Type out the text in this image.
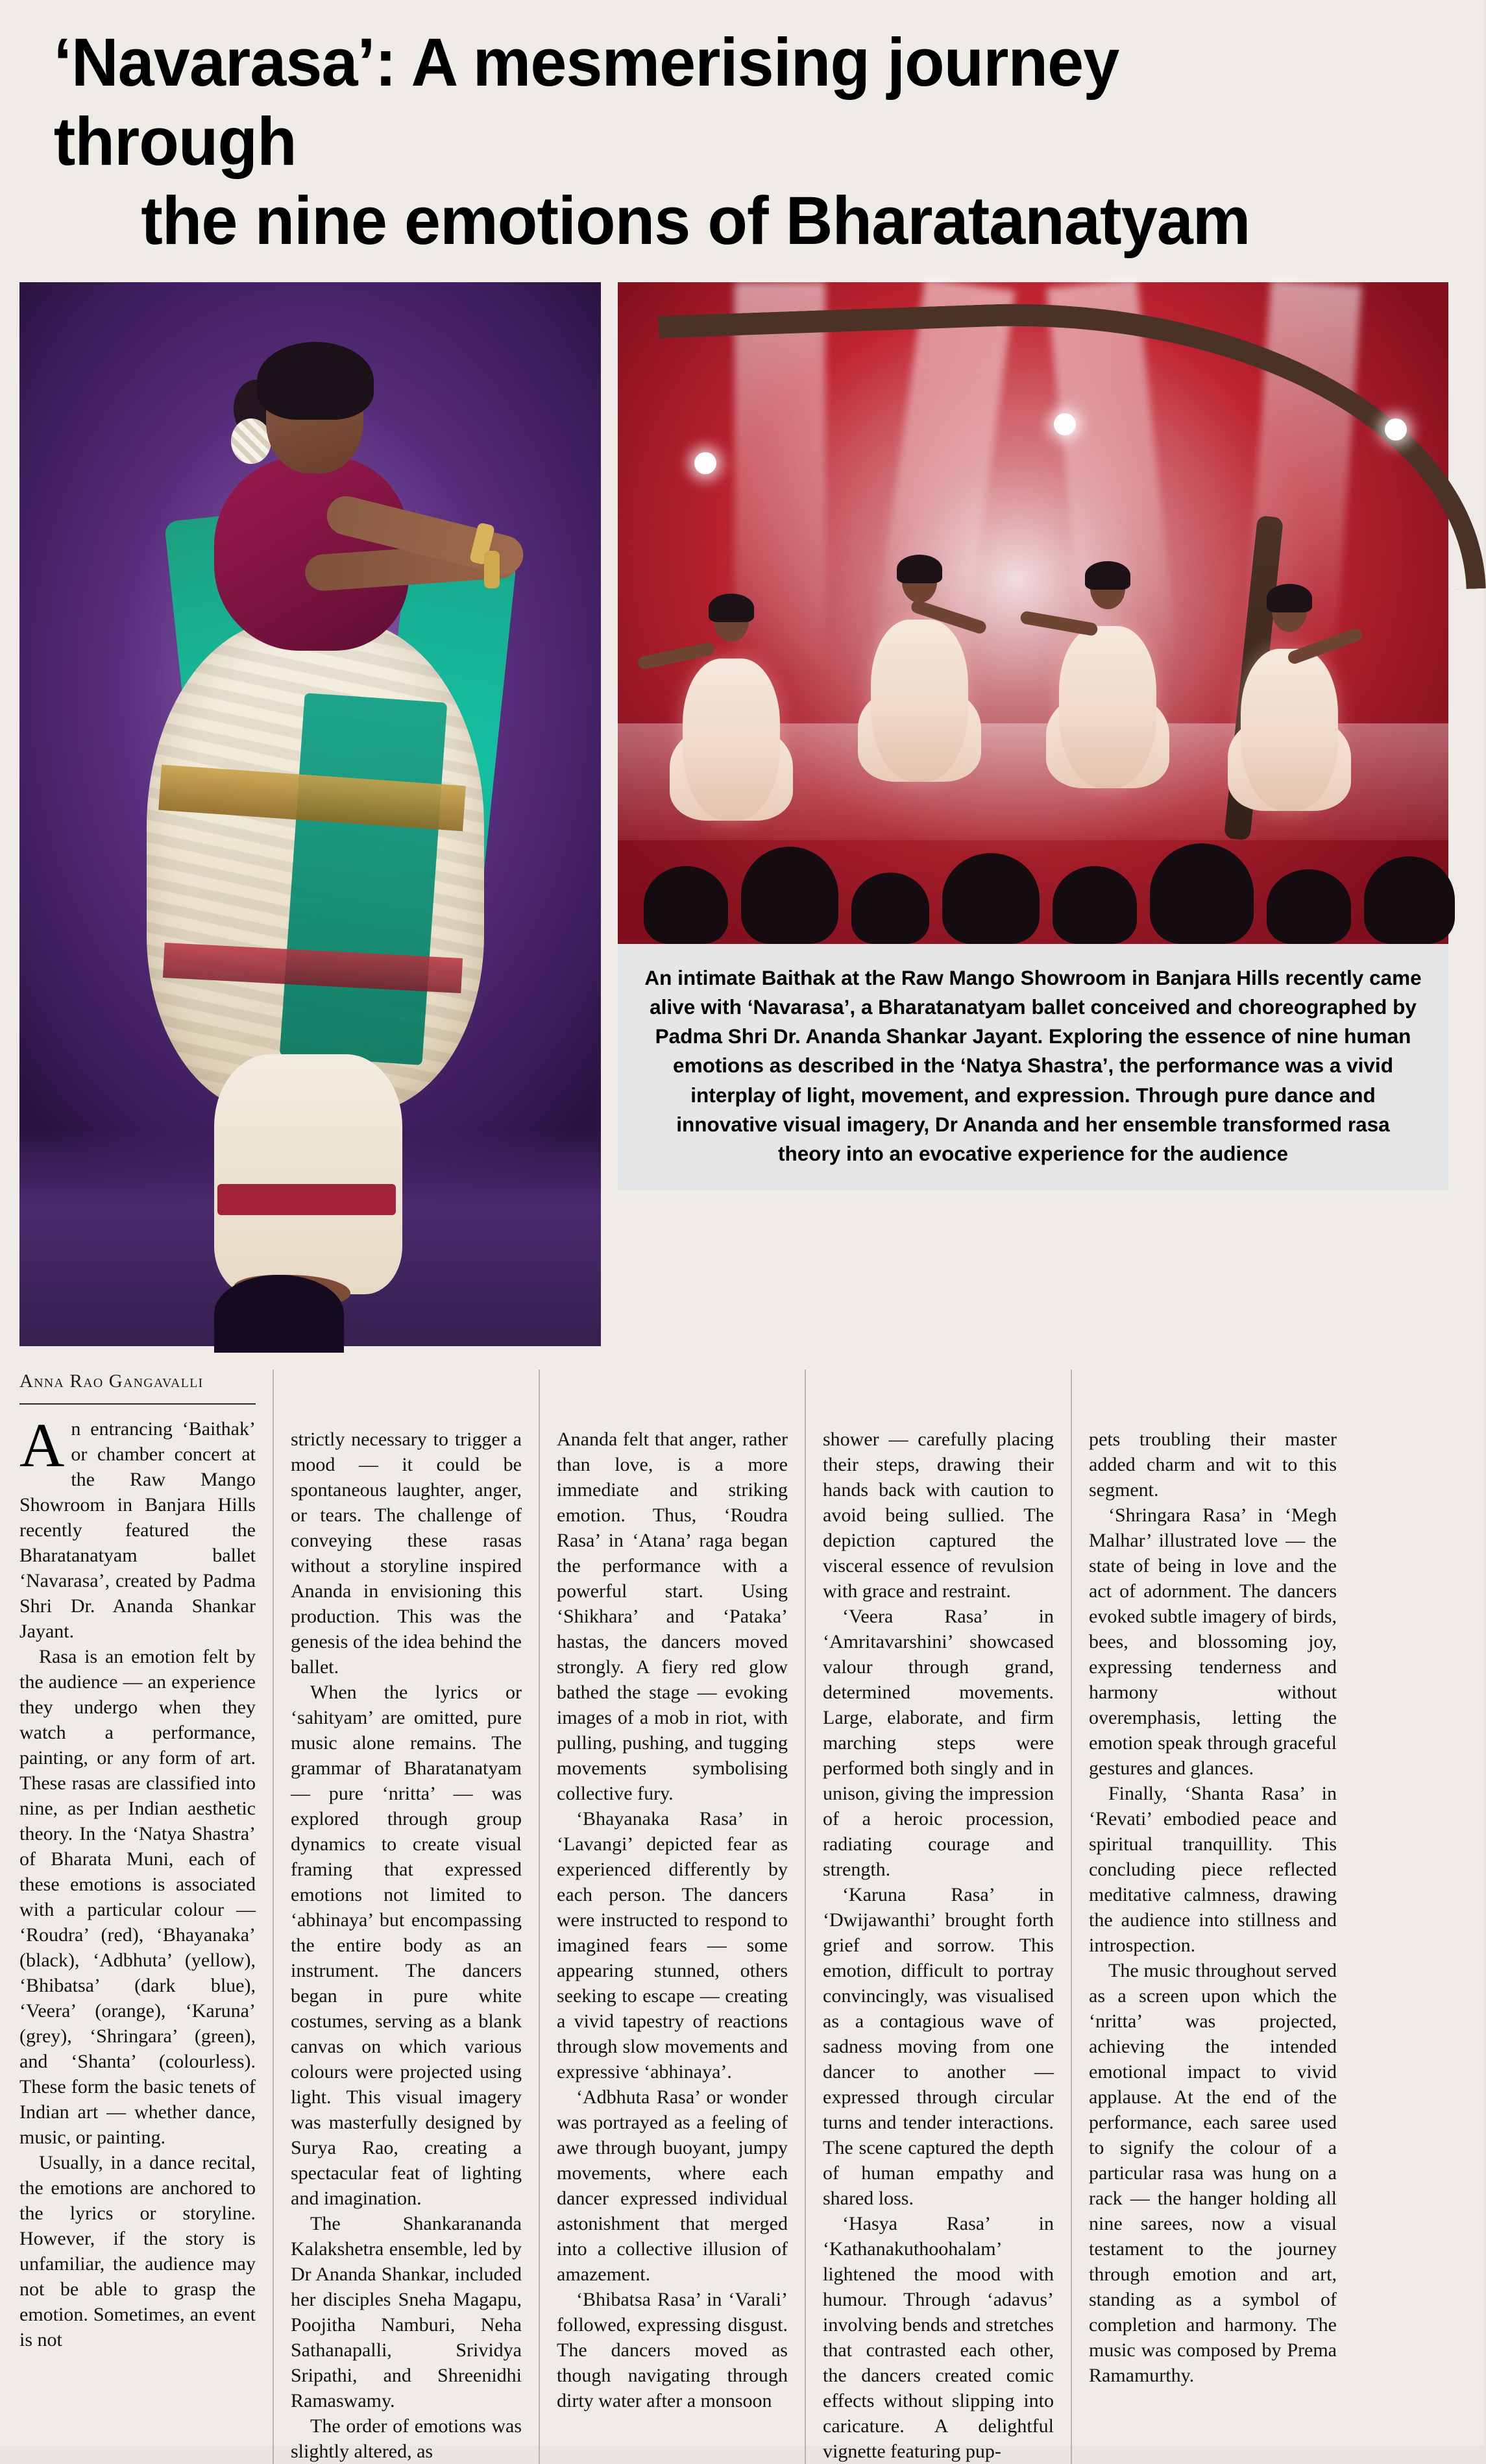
‘Navarasa’: A mesmerising journey through
the nine emotions of Bharatanatyam

An intimate Baithak at the Raw Mango Showroom in Banjara Hills recently came alive with ‘Navarasa’, a Bharatanatyam ballet conceived and choreographed by Padma Shri Dr. Ananda Shankar Jayant. Exploring the essence of nine human emotions as described in the ‘Natya Shastra’, the performance was a vivid interplay of light, movement, and expression. Through pure dance and innovative visual imagery, Dr Ananda and her ensemble transformed rasa theory into an evocative experience for the audience

Anna Rao Gangavalli

An entrancing ‘Baithak’ or chamber concert at the Raw Mango Showroom in Banjara Hills recently featured the Bharatanatyam ballet ‘Navarasa’, created by Padma Shri Dr. Ananda Shankar Jayant.

Rasa is an emotion felt by the audience — an experience they undergo when they watch a performance, painting, or any form of art. These rasas are classified into nine, as per Indian aesthetic theory. In the ‘Natya Shastra’ of Bharata Muni, each of these emotions is associated with a particular colour — ‘Roudra’ (red), ‘Bhayanaka’ (black), ‘Adbhuta’ (yellow), ‘Bhibatsa’ (dark blue), ‘Veera’ (orange), ‘Karuna’ (grey), ‘Shringara’ (green), and ‘Shanta’ (colourless). These form the basic tenets of Indian art — whether dance, music, or painting.

Usually, in a dance recital, the emotions are anchored to the lyrics or storyline. However, if the story is unfamiliar, the audience may not be able to grasp the emotion. Sometimes, an event is not

strictly necessary to trigger a mood — it could be spontaneous laughter, anger, or tears. The challenge of conveying these rasas without a storyline inspired Ananda in envisioning this production. This was the genesis of the idea behind the ballet.

When the lyrics or ‘sahityam’ are omitted, pure music alone remains. The grammar of Bharatanatyam — pure ‘nritta’ — was explored through group dynamics to create visual framing that expressed emotions not limited to ‘abhinaya’ but encompassing the entire body as an instrument. The dancers began in pure white costumes, serving as a blank canvas on which various colours were projected using light. This visual imagery was masterfully designed by Surya Rao, creating a spectacular feat of lighting and imagination.

The Shankarananda Kalakshetra ensemble, led by Dr Ananda Shankar, included her disciples Sneha Magapu, Poojitha Namburi, Neha Sathanapalli, Srividya Sripathi, and Shreenidhi Ramaswamy.

The order of emotions was slightly altered, as

Ananda felt that anger, rather than love, is a more immediate and striking emotion. Thus, ‘Roudra Rasa’ in ‘Atana’ raga began the performance with a powerful start. Using ‘Shikhara’ and ‘Pataka’ hastas, the dancers moved strongly. A fiery red glow bathed the stage — evoking images of a mob in riot, with pulling, pushing, and tugging movements symbolising collective fury.

‘Bhayanaka Rasa’ in ‘Lavangi’ depicted fear as experienced differently by each person. The dancers were instructed to respond to imagined fears — some appearing stunned, others seeking to escape — creating a vivid tapestry of reactions through slow movements and expressive ‘abhinaya’.

‘Adbhuta Rasa’ or wonder was portrayed as a feeling of awe through buoyant, jumpy movements, where each dancer expressed individual astonishment that merged into a collective illusion of amazement.

‘Bhibatsa Rasa’ in ‘Varali’ followed, expressing disgust. The dancers moved as though navigating through dirty water after a monsoon

shower — carefully placing their steps, drawing their hands back with caution to avoid being sullied. The depiction captured the visceral essence of revulsion with grace and restraint.

‘Veera Rasa’ in ‘Amritavarshini’ showcased valour through grand, determined movements. Large, elaborate, and firm marching steps were performed both singly and in unison, giving the impression of a heroic procession, radiating courage and strength.

‘Karuna Rasa’ in ‘Dwijawanthi’ brought forth grief and sorrow. This emotion, difficult to portray convincingly, was visualised as a contagious wave of sadness moving from one dancer to another — expressed through circular turns and tender interactions. The scene captured the depth of human empathy and shared loss.

‘Hasya Rasa’ in ‘Kathanakuthoohalam’ lightened the mood with humour. Through ‘adavus’ involving bends and stretches that contrasted each other, the dancers created comic effects without slipping into caricature. A delightful vignette featuring pup-

pets troubling their master added charm and wit to this segment.

‘Shringara Rasa’ in ‘Megh Malhar’ illustrated love — the state of being in love and the act of adornment. The dancers evoked subtle imagery of birds, bees, and blossoming joy, expressing tenderness and harmony without overemphasis, letting the emotion speak through graceful gestures and glances.

Finally, ‘Shanta Rasa’ in ‘Revati’ embodied peace and spiritual tranquillity. This concluding piece reflected meditative calmness, drawing the audience into stillness and introspection.

The music throughout served as a screen upon which the ‘nritta’ was projected, achieving the intended emotional impact to vivid applause. At the end of the performance, each saree used to signify the colour of a particular rasa was hung on a rack — the hanger holding all nine sarees, now a visual testament to the journey through emotion and art, standing as a symbol of completion and harmony. The music was composed by Prema Ramamurthy.
